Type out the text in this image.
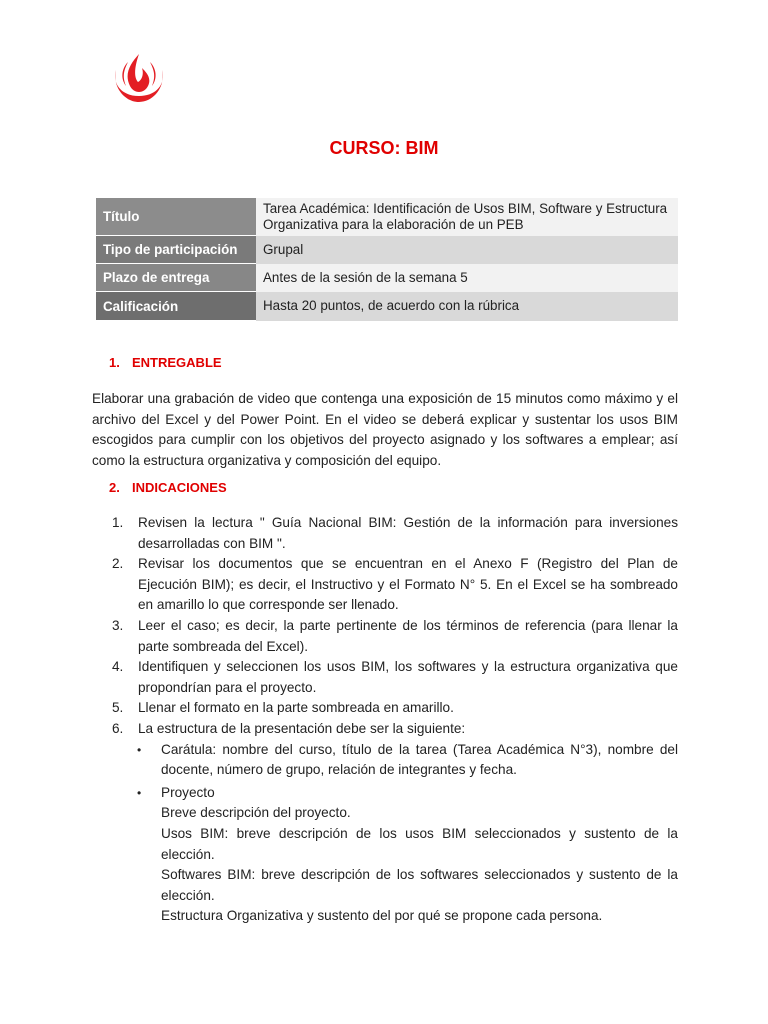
CURSO: BIM
Título	Tarea Académica: Identificación de Usos BIM, Software y Estructura Organizativa para la elaboración de un PEB
Tipo de participación	Grupal
Plazo de entrega	Antes de la sesión de la semana 5
Calificación	Hasta 20 puntos, de acuerdo con la rúbrica
1. ENTREGABLE
Elaborar una grabación de video que contenga una exposición de 15 minutos como máximo y el archivo del Excel y del Power Point. En el video se deberá explicar y sustentar los usos BIM escogidos para cumplir con los objetivos del proyecto asignado y los softwares a emplear; así como la estructura organizativa y composición del equipo.
2. INDICACIONES
1. Revisen la lectura " Guía Nacional BIM: Gestión de la información para inversiones desarrolladas con BIM ".
2. Revisar los documentos que se encuentran en el Anexo F (Registro del Plan de Ejecución BIM); es decir, el Instructivo y el Formato N° 5. En el Excel se ha sombreado en amarillo lo que corresponde ser llenado.
3. Leer el caso; es decir, la parte pertinente de los términos de referencia (para llenar la parte sombreada del Excel).
4. Identifiquen y seleccionen los usos BIM, los softwares y la estructura organizativa que propondrían para el proyecto.
5. Llenar el formato en la parte sombreada en amarillo.
6. La estructura de la presentación debe ser la siguiente:
• Carátula: nombre del curso, título de la tarea (Tarea Académica N°3), nombre del docente, número de grupo, relación de integrantes y fecha.
• Proyecto
Breve descripción del proyecto.
Usos BIM: breve descripción de los usos BIM seleccionados y sustento de la elección.
Softwares BIM: breve descripción de los softwares seleccionados y sustento de la elección.
Estructura Organizativa y sustento del por qué se propone cada persona.
